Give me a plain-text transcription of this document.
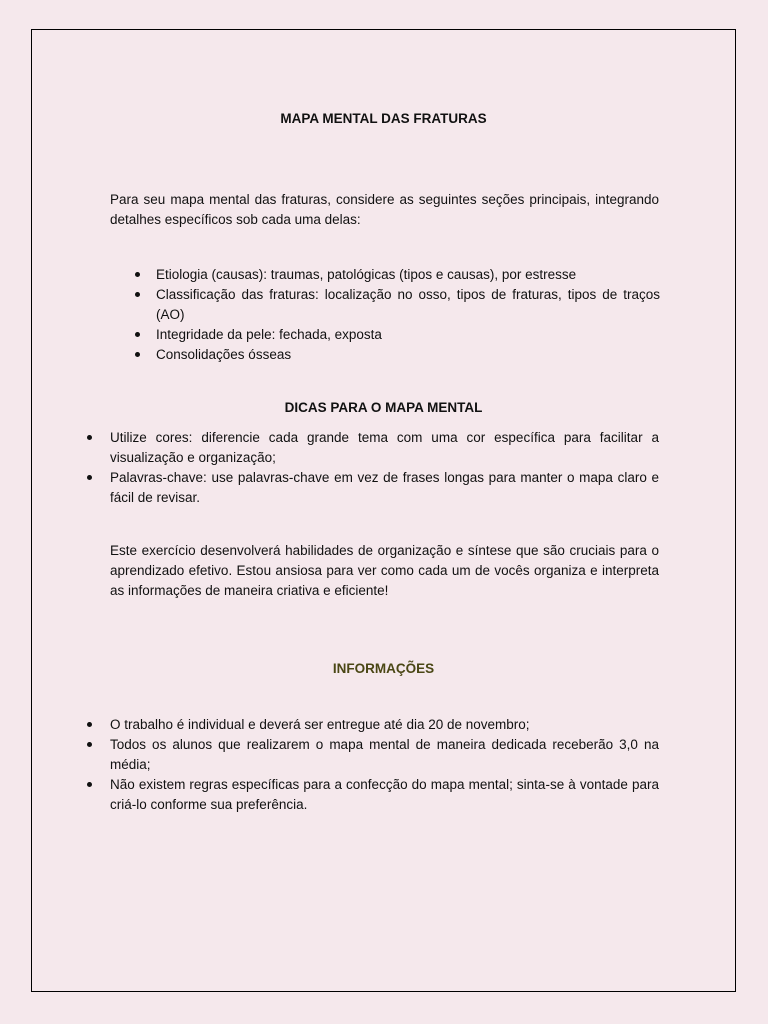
MAPA MENTAL DAS FRATURAS
Para seu mapa mental das fraturas, considere as seguintes seções principais, integrando detalhes específicos sob cada uma delas:
Etiologia (causas): traumas, patológicas (tipos e causas), por estresse
Classificação das fraturas: localização no osso, tipos de fraturas, tipos de traços (AO)
Integridade da pele: fechada, exposta
Consolidações ósseas
DICAS PARA O MAPA MENTAL
Utilize cores: diferencie cada grande tema com uma cor específica para facilitar a visualização e organização;
Palavras-chave: use palavras-chave em vez de frases longas para manter o mapa claro e fácil de revisar.
Este exercício desenvolverá habilidades de organização e síntese que são cruciais para o aprendizado efetivo. Estou ansiosa para ver como cada um de vocês organiza e interpreta as informações de maneira criativa e eficiente!
INFORMAÇÕES
O trabalho é individual e deverá ser entregue até dia 20 de novembro;
Todos os alunos que realizarem o mapa mental de maneira dedicada receberão 3,0 na média;
Não existem regras específicas para a confecção do mapa mental; sinta-se à vontade para criá-lo conforme sua preferência.
